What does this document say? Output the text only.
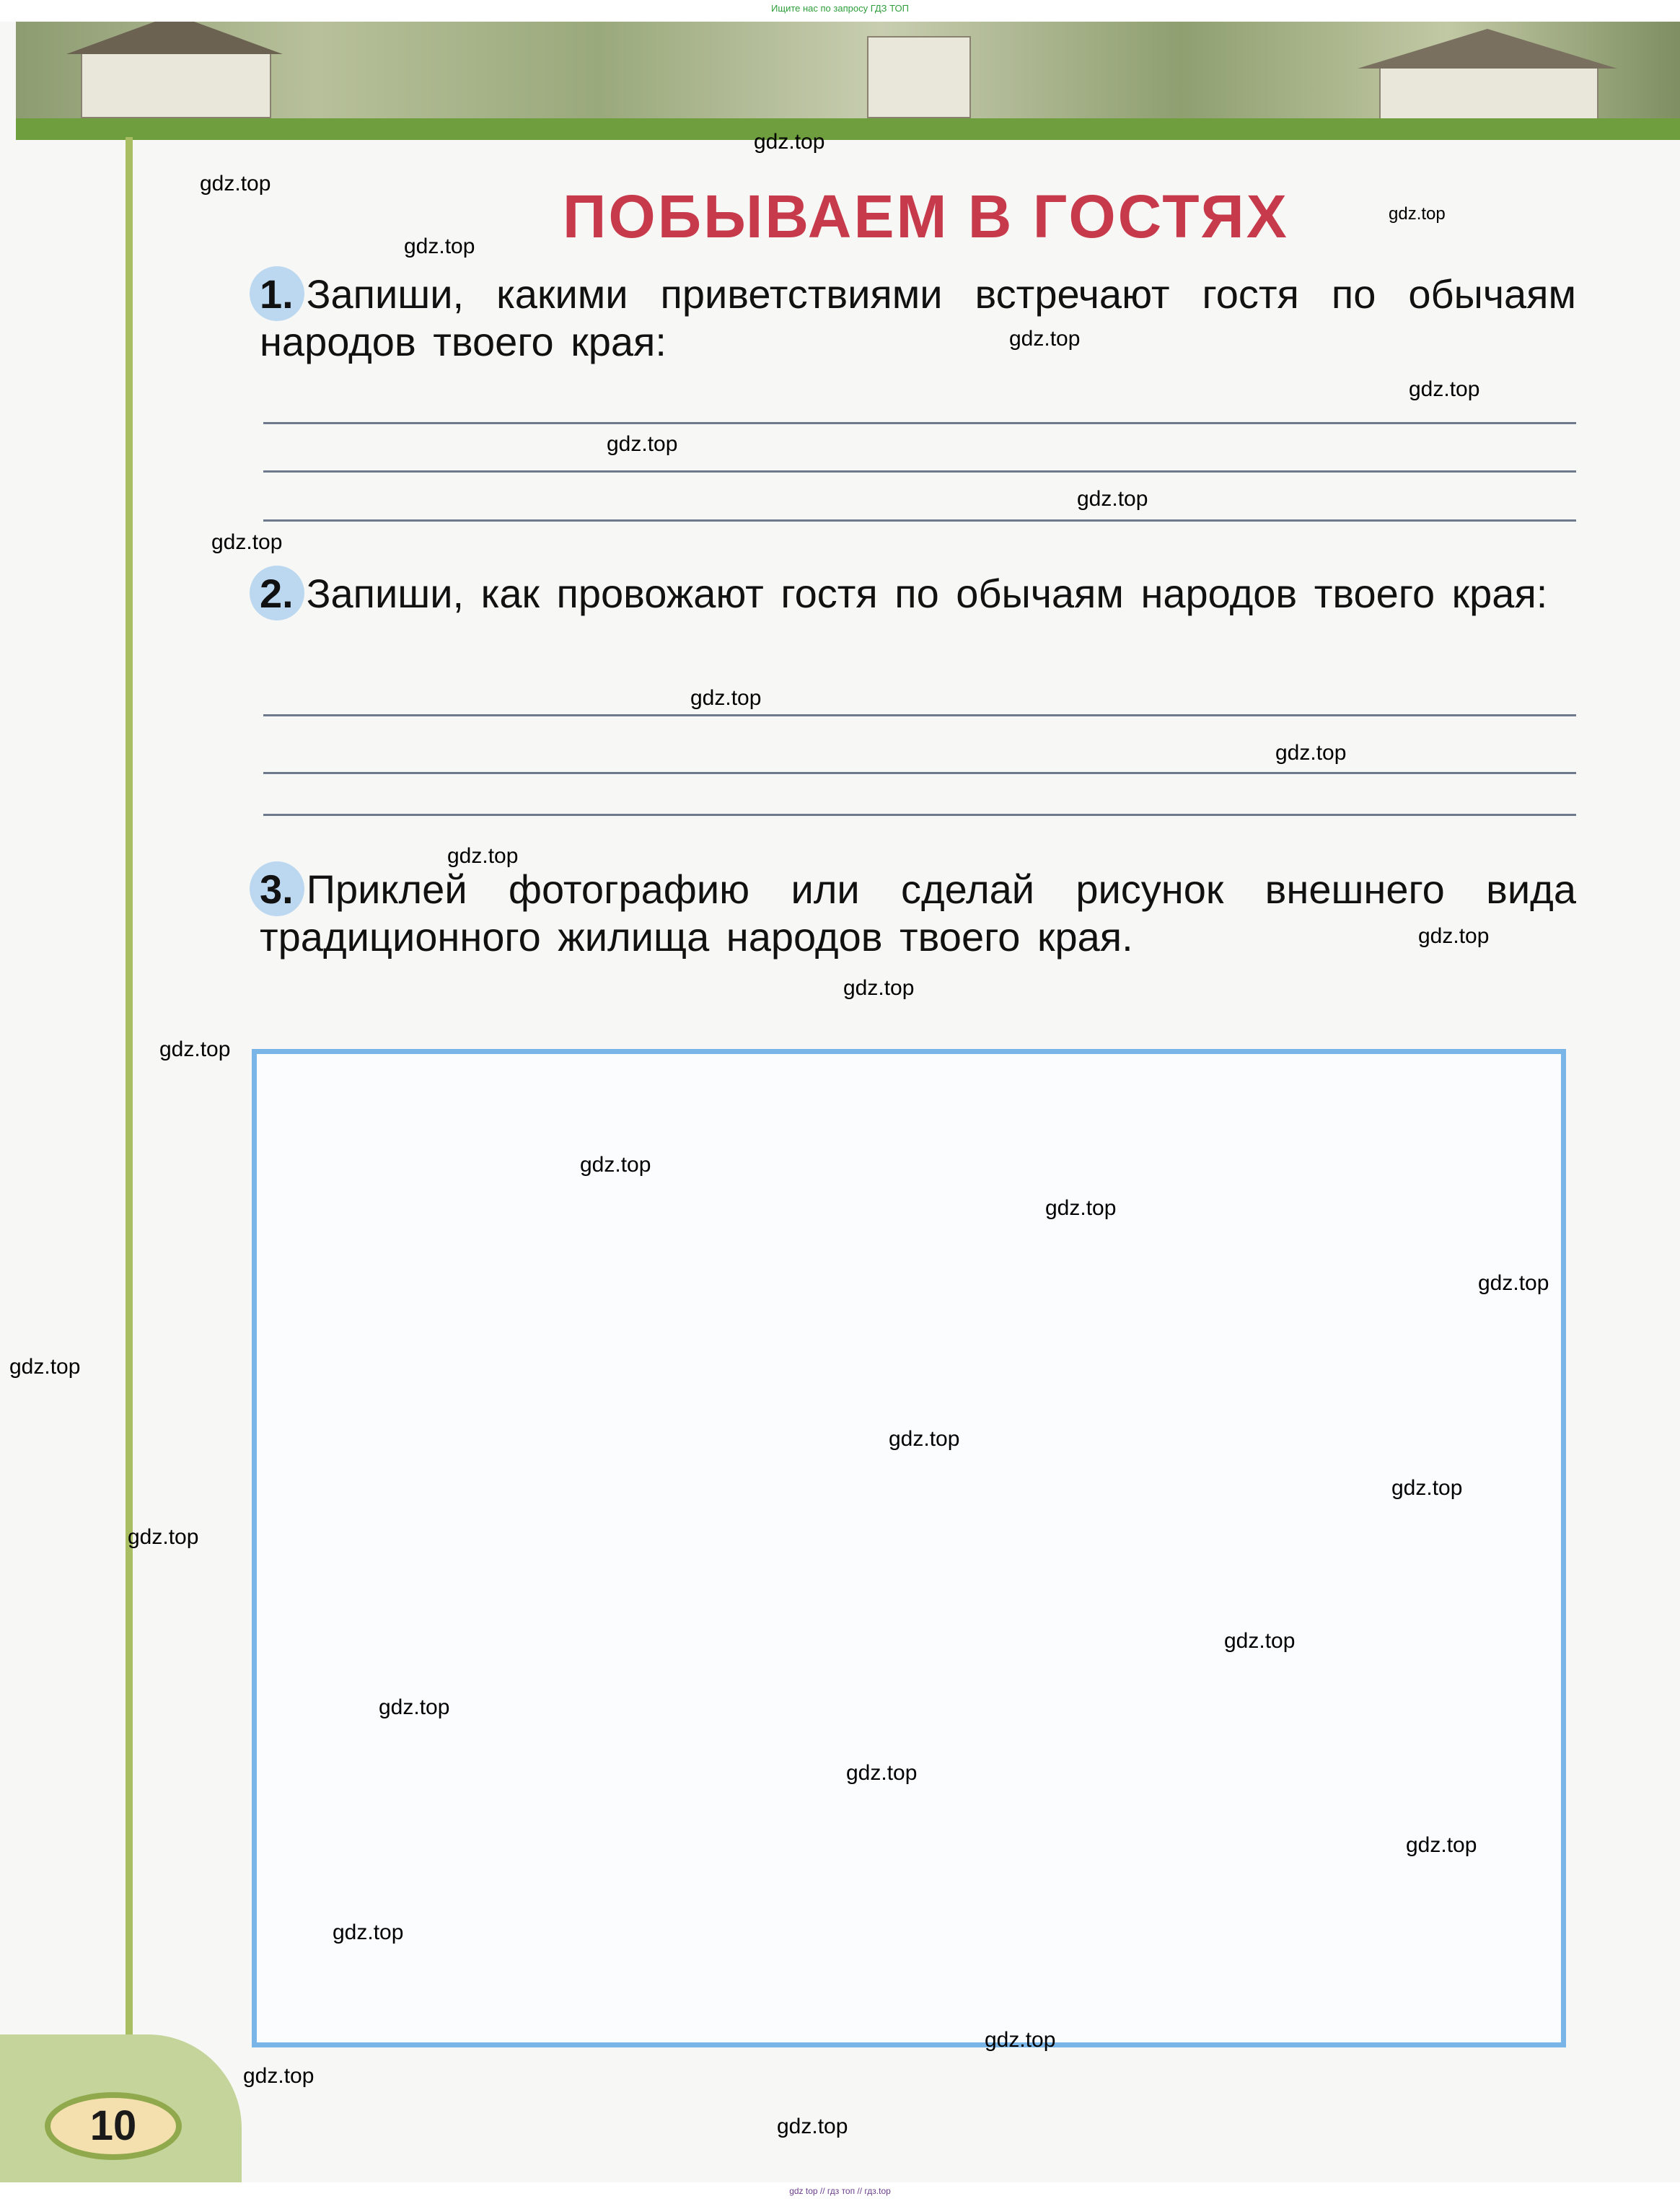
Ищите нас по запросу ГДЗ ТОП
10
ПОБЫВАЕМ В ГОСТЯХ
1. Запиши, какими приветствиями встречают гостя по обычаям народов твоего края:
2. Запиши, как провожают гостя по обычаям народов твоего края:
3. Приклей фотографию или сделай рисунок внешнего вида традиционного жилища народов твоего края.
gdz.top
gdz.top
gdz.top
gdz.top
gdz.top
gdz.top
gdz.top
gdz.top
gdz.top
gdz.top
gdz.top
gdz.top
gdz.top
gdz.top
gdz.top
gdz.top
gdz.top
gdz.top
gdz.top
gdz.top
gdz.top
gdz.top
gdz.top
gdz.top
gdz.top
gdz.top
gdz.top
gdz.top
gdz.top
gdz.top
gdz top // гдз топ // гдз.top
